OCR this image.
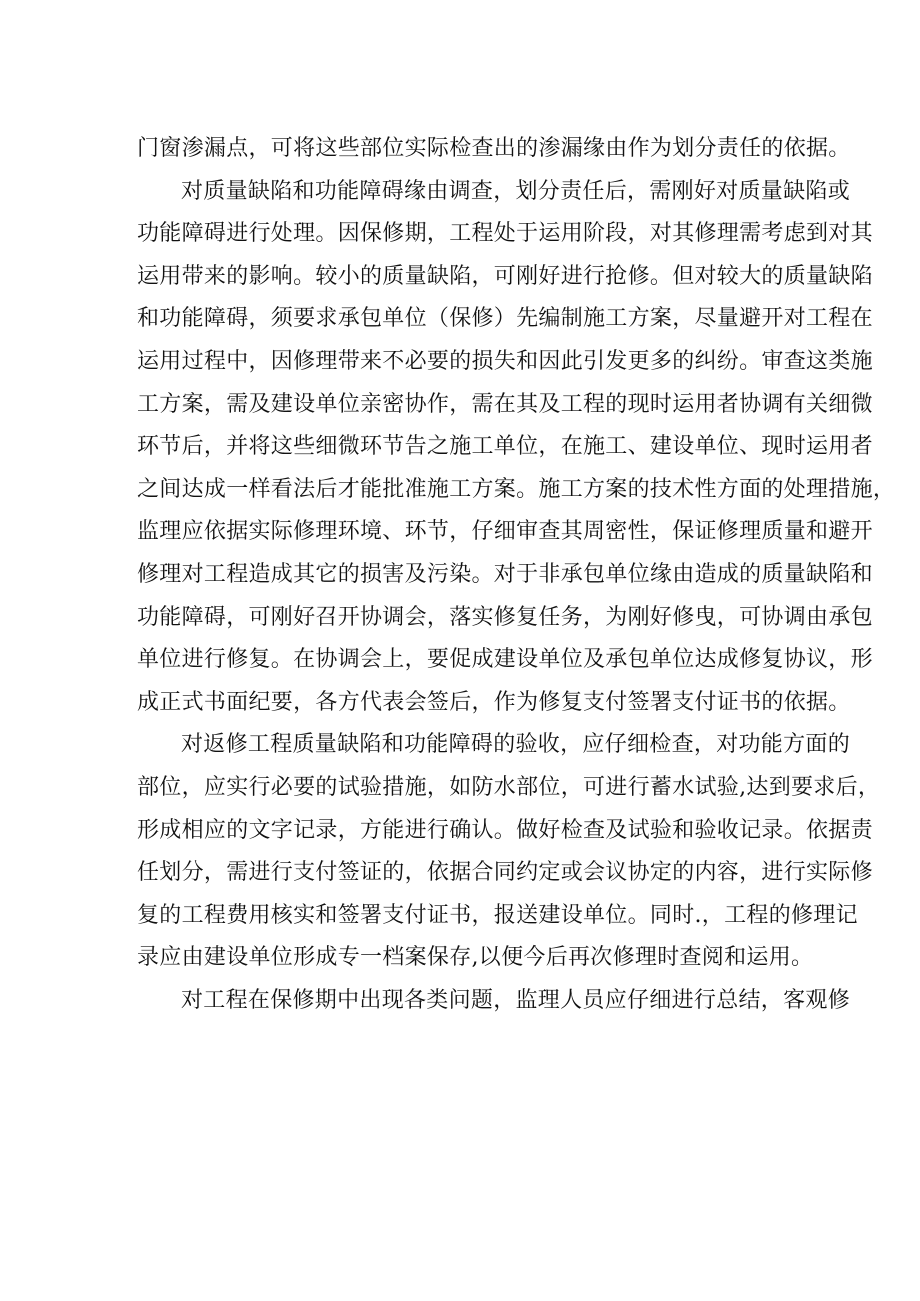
门窗渗漏点，可将这些部位实际检查出的渗漏缘由作为划分责任的依据。
对质量缺陷和功能障碍缘由调查，划分责任后，需刚好对质量缺陷或
功能障碍进行处理。因保修期，工程处于运用阶段，对其修理需考虑到对其
运用带来的影响。较小的质量缺陷，可刚好进行抢修。但对较大的质量缺陷
和功能障碍，须要求承包单位（保修）先编制施工方案，尽量避开对工程在
运用过程中，因修理带来不必要的损失和因此引发更多的纠纷。审查这类施
工方案，需及建设单位亲密协作，需在其及工程的现时运用者协调有关细微
环节后，并将这些细微环节告之施工单位，在施工、建设单位、现时运用者
之间达成一样看法后才能批准施工方案。施工方案的技术性方面的处理措施，
监理应依据实际修理环境、环节，仔细审查其周密性，保证修理质量和避开
修理对工程造成其它的损害及污染。对于非承包单位缘由造成的质量缺陷和
功能障碍，可刚好召开协调会，落实修复任务，为刚好修曳，可协调由承包
单位进行修复。在协调会上，要促成建设单位及承包单位达成修复协议，形
成正式书面纪要，各方代表会签后，作为修复支付签署支付证书的依据。
对返修工程质量缺陷和功能障碍的验收，应仔细检查，对功能方面的
部位，应实行必要的试验措施，如防水部位，可进行蓄水试验,达到要求后，
形成相应的文字记录，方能进行确认。做好检查及试验和验收记录。依据责
任划分，需进行支付签证的，依据合同约定或会议协定的内容，进行实际修
复的工程费用核实和签署支付证书，报送建设单位。同时.，工程的修理记
录应由建设单位形成专一档案保存,以便今后再次修理时查阅和运用。
对工程在保修期中出现各类问题，监理人员应仔细进行总结，客观修
